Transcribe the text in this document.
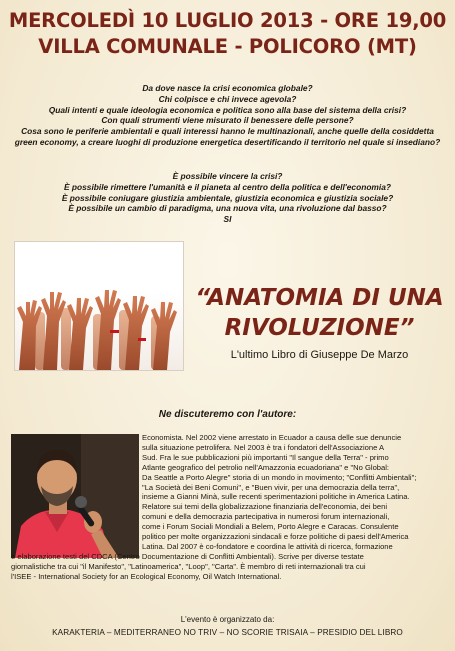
MERCOLEDÌ 10 LUGLIO 2013 - ORE 19,00
VILLA COMUNALE - POLICORO (MT)
Da dove nasce la crisi economica globale?
Chi colpisce e chi invece agevola?
Quali intenti e quale ideologia economica e politica sono alla base del sistema della crisi?
Con quali strumenti viene misurato il benessere delle persone?
Cosa sono le periferie ambientali e quali interessi hanno le multinazionali, anche quelle della cosiddetta
green economy, a creare luoghi di produzione energetica desertificando il territorio nel quale si insediano?
È possibile vincere la crisi?
È possibile rimettere l'umanità e il pianeta al centro della politica e dell'economia?
È possibile coniugare giustizia ambientale, giustizia economica e giustizia sociale?
È possibile un cambio di paradigma, una nuova vita, una rivoluzione dal basso?
SI
“ANATOMIA DI UNA
RIVOLUZIONE”
L'ultimo Libro di Giuseppe De Marzo
Ne discuteremo con l'autore:
Economista. Nel 2002 viene arrestato in Ecuador a causa delle sue denuncie
sulla situazione petrolifera. Nel 2003 è tra i fondatori dell'Associazione A
Sud. Fra le sue pubblicazioni più importanti "Il sangue della Terra" - primo
Atlante geografico del petrolio nell'Amazzonia ecuadoriana" e "No Global:
Da Seattle a Porto Alegre" storia di un mondo in movimento; "Conflitti Ambientali";
"La Società dei Beni Comuni", e "Buen vivir, per una democrazia della terra",
insieme a Gianni Minà, sulle recenti sperimentazioni politiche in America Latina.
Relatore sui temi della globalizzazione finanziaria dell'economia, dei beni
comuni e della democrazia partecipativa in numerosi forum internazionali,
come i Forum Sociali Mondiali a Belem, Porto Alegre e Caracas. Consulente
politico per molte organizzazioni sindacali e forze politiche di paesi dell'America
Latina. Dal 2007 è co-fondatore e coordina le attività di ricerca, formazione
e elaborazione testi del CDCA (Centro Documentazione di Conflitti Ambientali). Scrive per diverse testate
giornalistiche tra cui "il Manifesto", "Latinoamerica", "Loop", "Carta". È membro di reti internazionali tra cui
l'ISEE - International Society for an Ecological Economy, Oil Watch International.
L'evento è organizzato da:
KARAKTERIA – MEDITERRANEO NO TRIV – NO SCORIE TRISAIA – PRESIDIO DEL LIBRO
